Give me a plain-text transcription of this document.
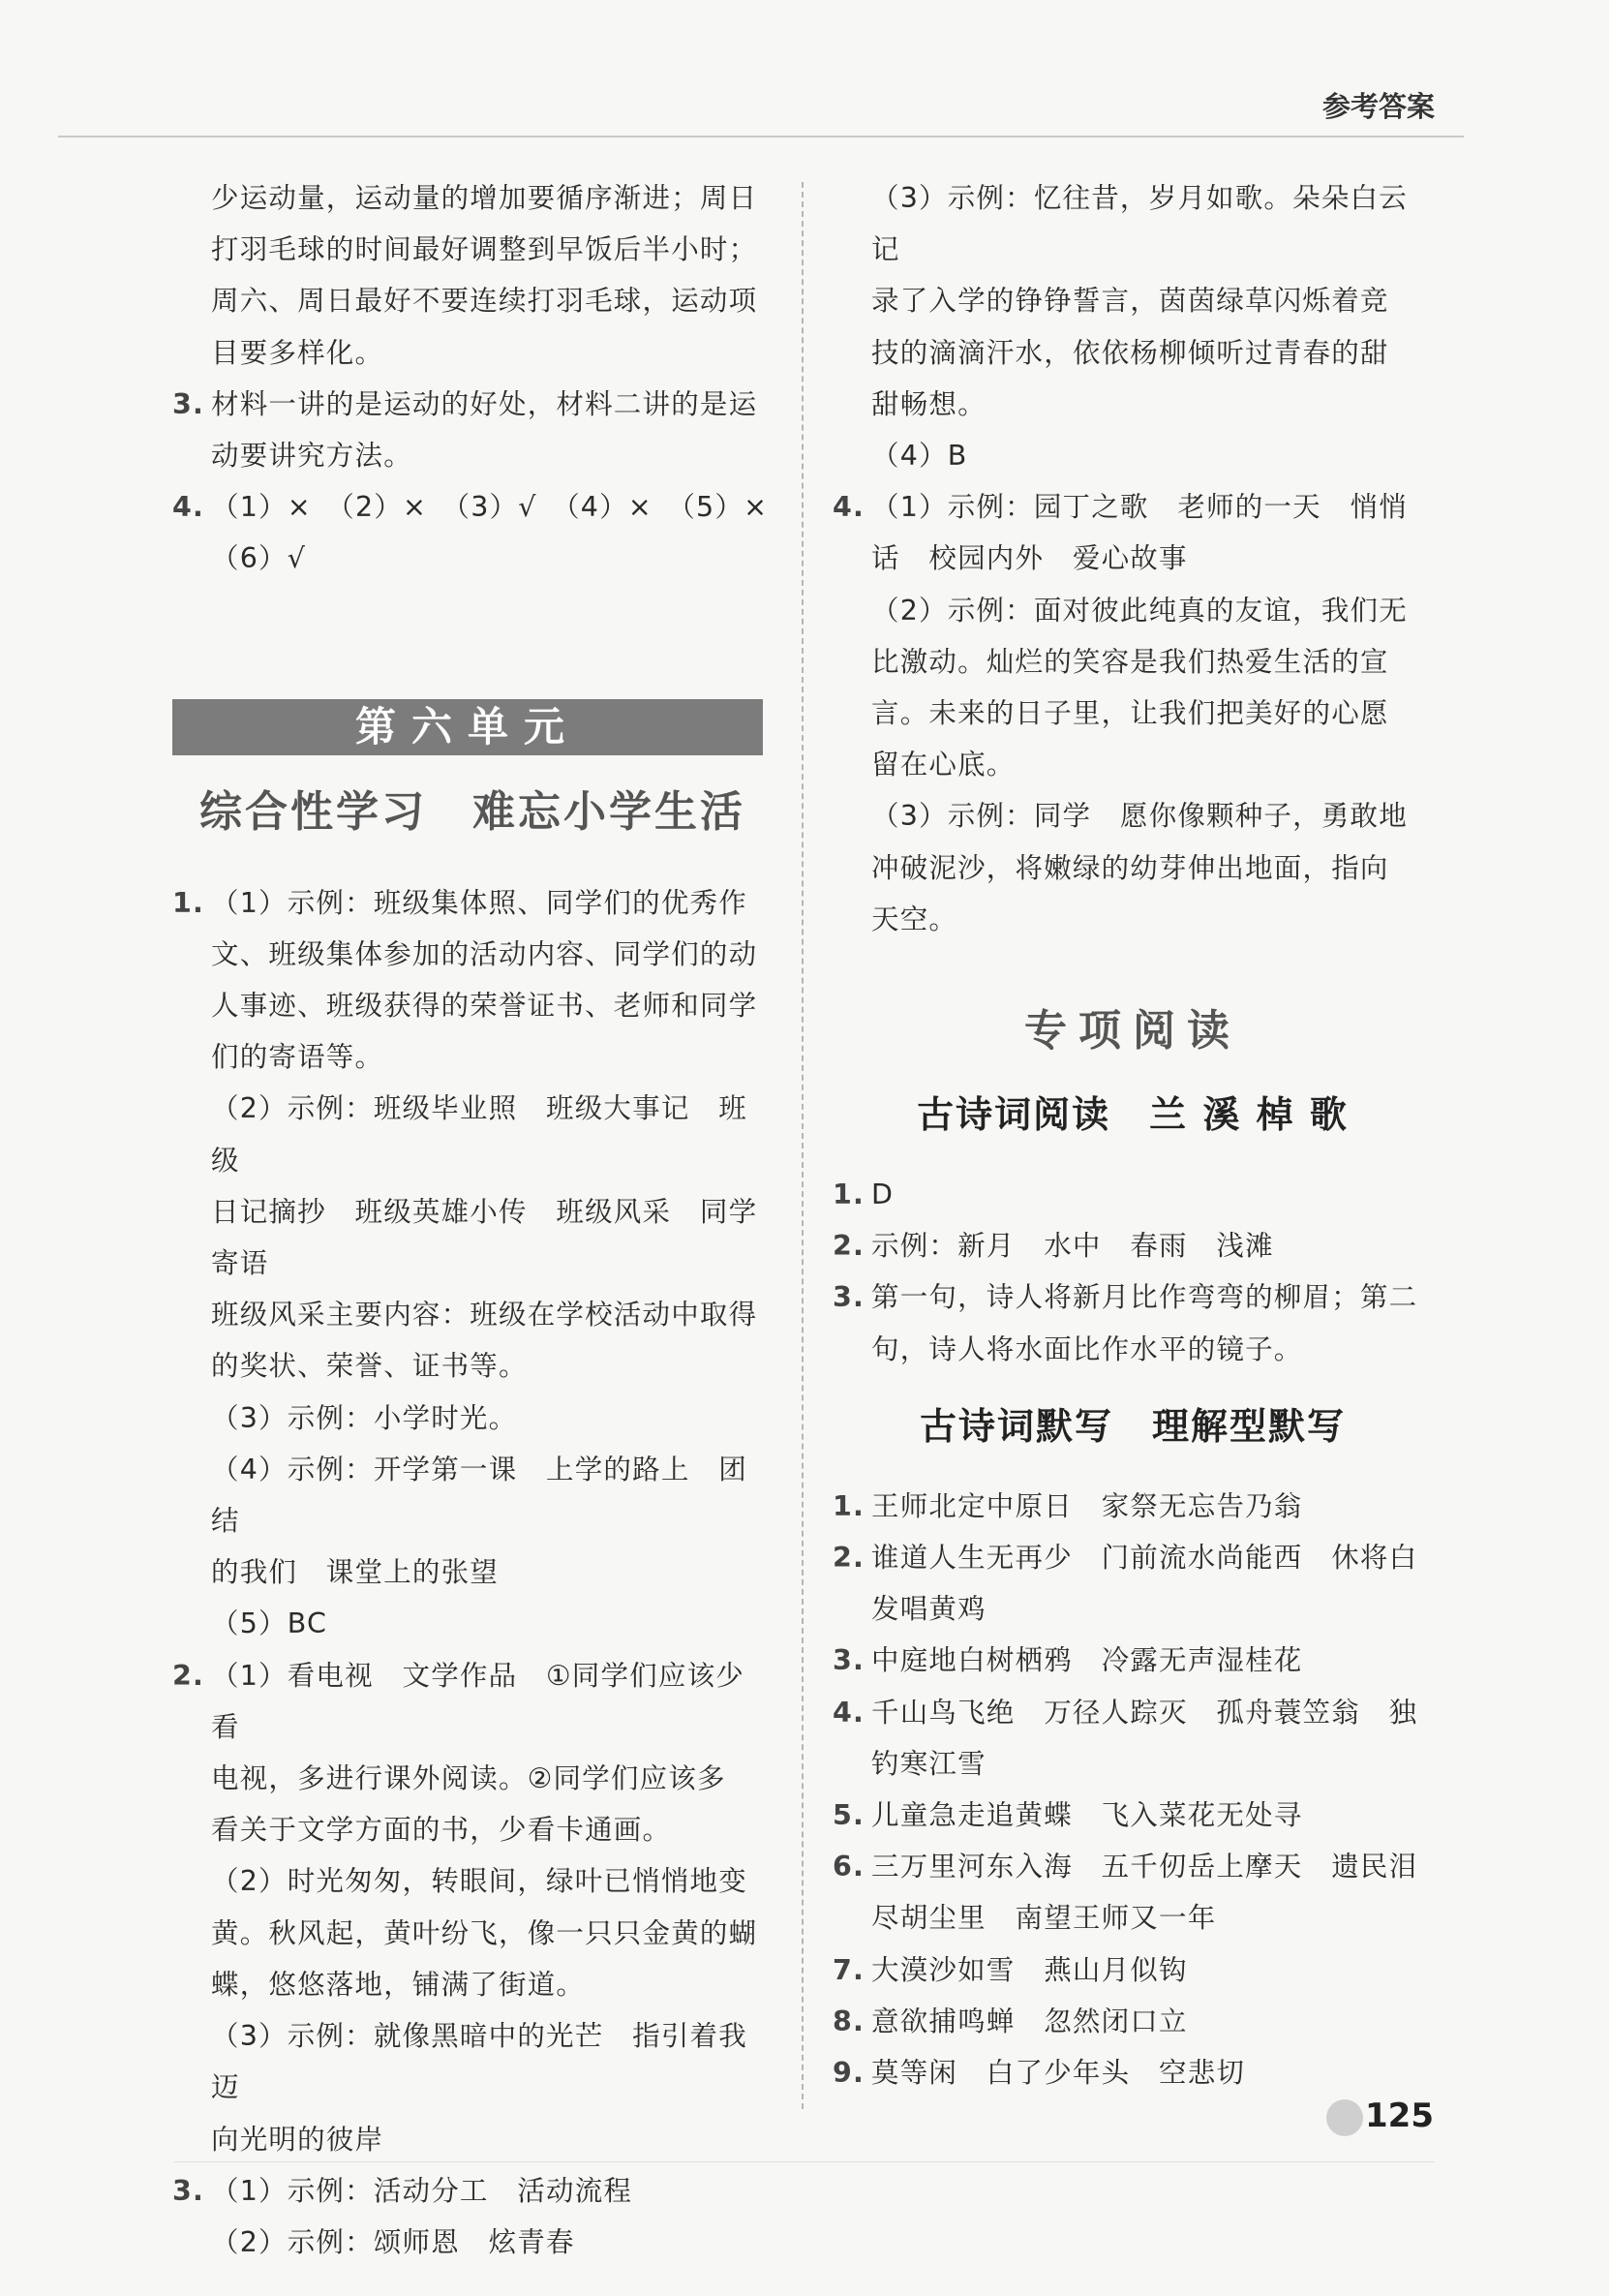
参考答案

少运动量，运动量的增加要循序渐进；周日

打羽毛球的时间最好调整到早饭后半小时；

周六、周日最好不要连续打羽毛球，运动项

目要多样化。

3. 材料一讲的是运动的好处，材料二讲的是运

动要讲究方法。

4. （1）×　（2）×　（3）√　（4）×　（5）×

（6）√

第六单元
综合性学习　难忘小学生活

1. （1）示例：班级集体照、同学们的优秀作

文、班级集体参加的活动内容、同学们的动

人事迹、班级获得的荣誉证书、老师和同学

们的寄语等。

（2）示例：班级毕业照　班级大事记　班级

日记摘抄　班级英雄小传　班级风采　同学

寄语

班级风采主要内容：班级在学校活动中取得

的奖状、荣誉、证书等。

（3）示例：小学时光。

（4）示例：开学第一课　上学的路上　团结

的我们　课堂上的张望

（5）BC

2. （1）看电视　文学作品　①同学们应该少看

电视，多进行课外阅读。②同学们应该多

看关于文学方面的书，少看卡通画。

（2）时光匆匆，转眼间，绿叶已悄悄地变

黄。秋风起，黄叶纷飞，像一只只金黄的蝴

蝶，悠悠落地，铺满了街道。

（3）示例：就像黑暗中的光芒　指引着我迈

向光明的彼岸

3. （1）示例：活动分工　活动流程

（2）示例：颂师恩　炫青春

（3）示例：忆往昔，岁月如歌。朵朵白云记

录了入学的铮铮誓言，茵茵绿草闪烁着竞

技的滴滴汗水，依依杨柳倾听过青春的甜

甜畅想。

（4）B

4. （1）示例：园丁之歌　老师的一天　悄悄

话　校园内外　爱心故事

（2）示例：面对彼此纯真的友谊，我们无

比激动。灿烂的笑容是我们热爱生活的宣

言。未来的日子里，让我们把美好的心愿

留在心底。

（3）示例：同学　愿你像颗种子，勇敢地

冲破泥沙，将嫩绿的幼芽伸出地面，指向

天空。

专项阅读
古诗词阅读　兰 溪 棹 歌

1. D

2. 示例：新月　水中　春雨　浅滩

3. 第一句，诗人将新月比作弯弯的柳眉；第二

句，诗人将水面比作水平的镜子。

古诗词默写　理解型默写

1. 王师北定中原日　家祭无忘告乃翁

2. 谁道人生无再少　门前流水尚能西　休将白

发唱黄鸡

3. 中庭地白树栖鸦　冷露无声湿桂花

4. 千山鸟飞绝　万径人踪灭　孤舟蓑笠翁　独

钓寒江雪

5. 儿童急走追黄蝶　飞入菜花无处寻

6. 三万里河东入海　五千仞岳上摩天　遗民泪

尽胡尘里　南望王师又一年

7. 大漠沙如雪　燕山月似钩

8. 意欲捕鸣蝉　忽然闭口立

9. 莫等闲　白了少年头　空悲切

125
